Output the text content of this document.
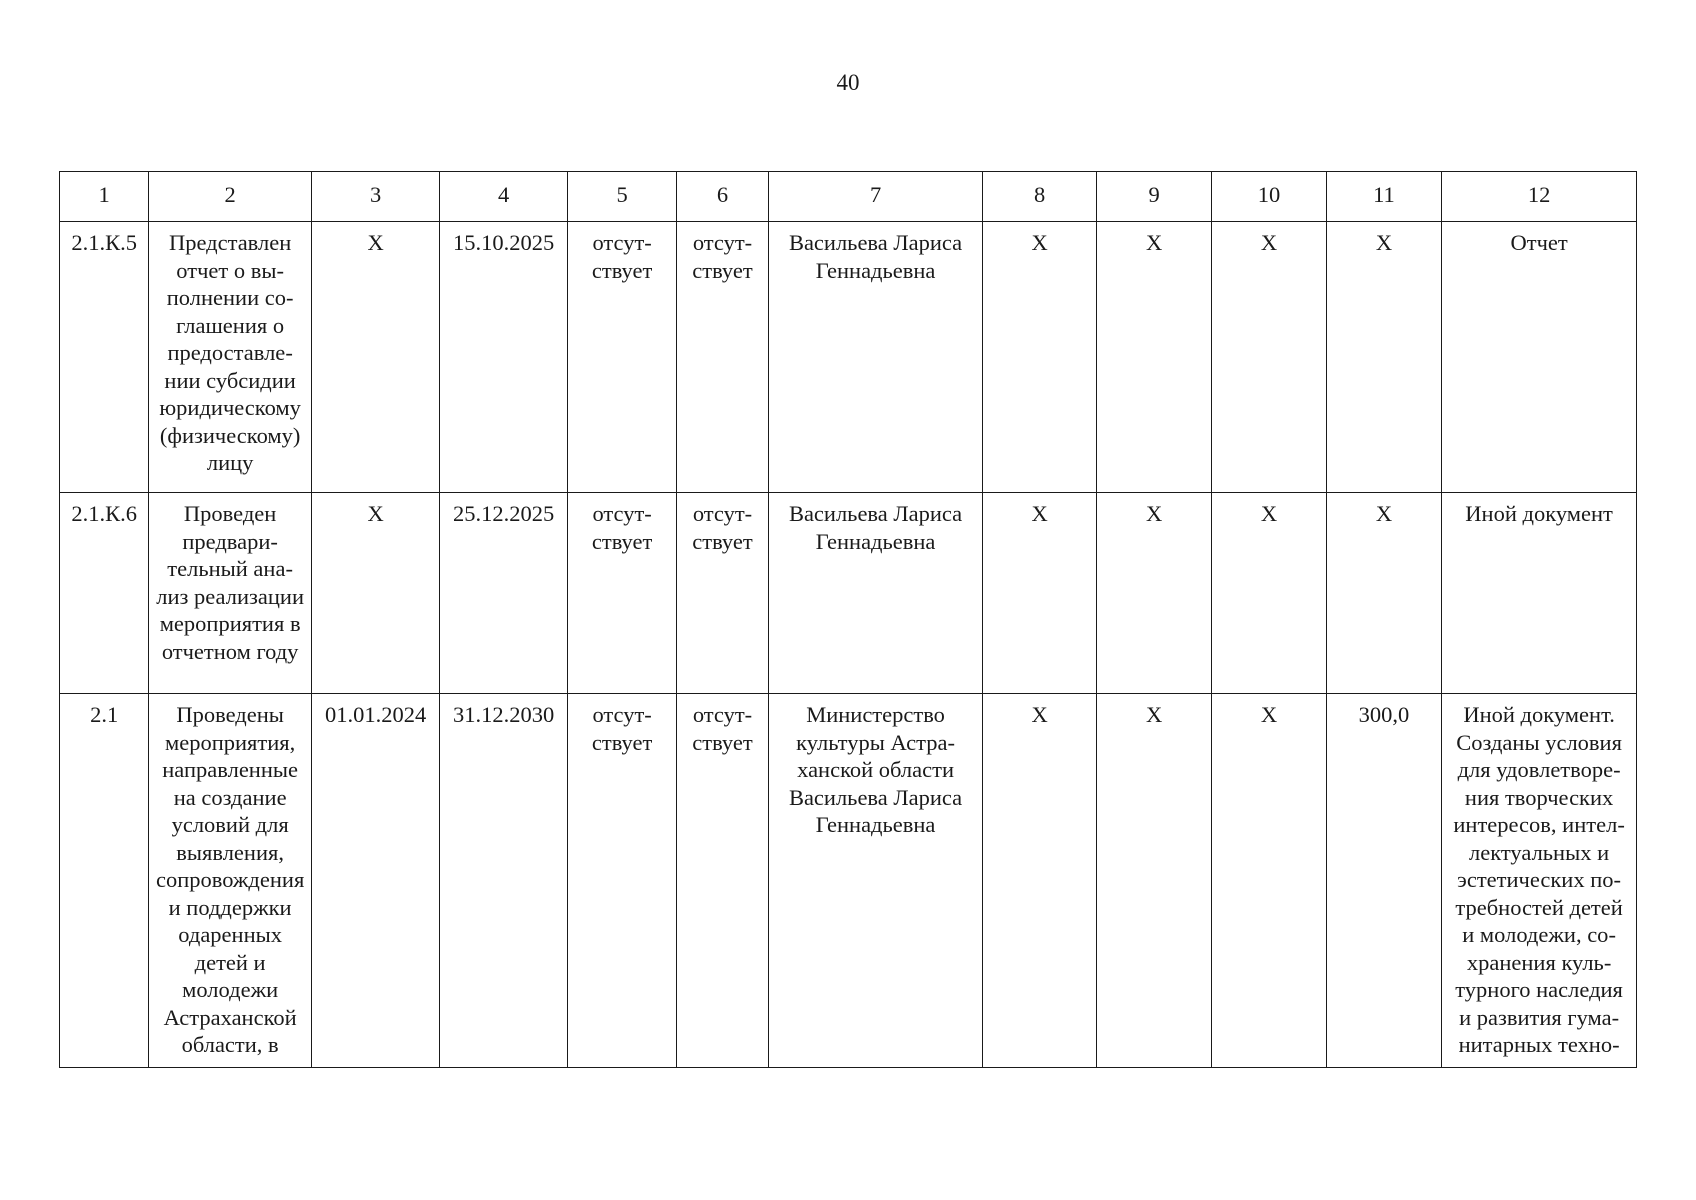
40
1	2	3	4	5	6	7	8	9	10	11	12
2.1.К.5	Представлен отчет о выполнении соглашения о предоставлении субсидии юридическому (физическому) лицу	Х	15.10.2025	отсутствует	отсутствует	Васильева Лариса Геннадьевна	Х	Х	Х	Х	Отчет
2.1.К.6	Проведен предварительный анализ реализации мероприятия в отчетном году	Х	25.12.2025	отсутствует	отсутствует	Васильева Лариса Геннадьевна	Х	Х	Х	Х	Иной документ
2.1	Проведены мероприятия, направленные на создание условий для выявления, сопровождения и поддержки одаренных детей и молодежи Астраханской области, в	01.01.2024	31.12.2030	отсутствует	отсутствует	Министерство культуры Астраханской области Васильева Лариса Геннадьевна	Х	Х	Х	300,0	Иной документ. Созданы условия для удовлетворения творческих интересов, интеллектуальных и эстетических потребностей детей и молодежи, сохранения культурного наследия и развития гуманитарных техно-
